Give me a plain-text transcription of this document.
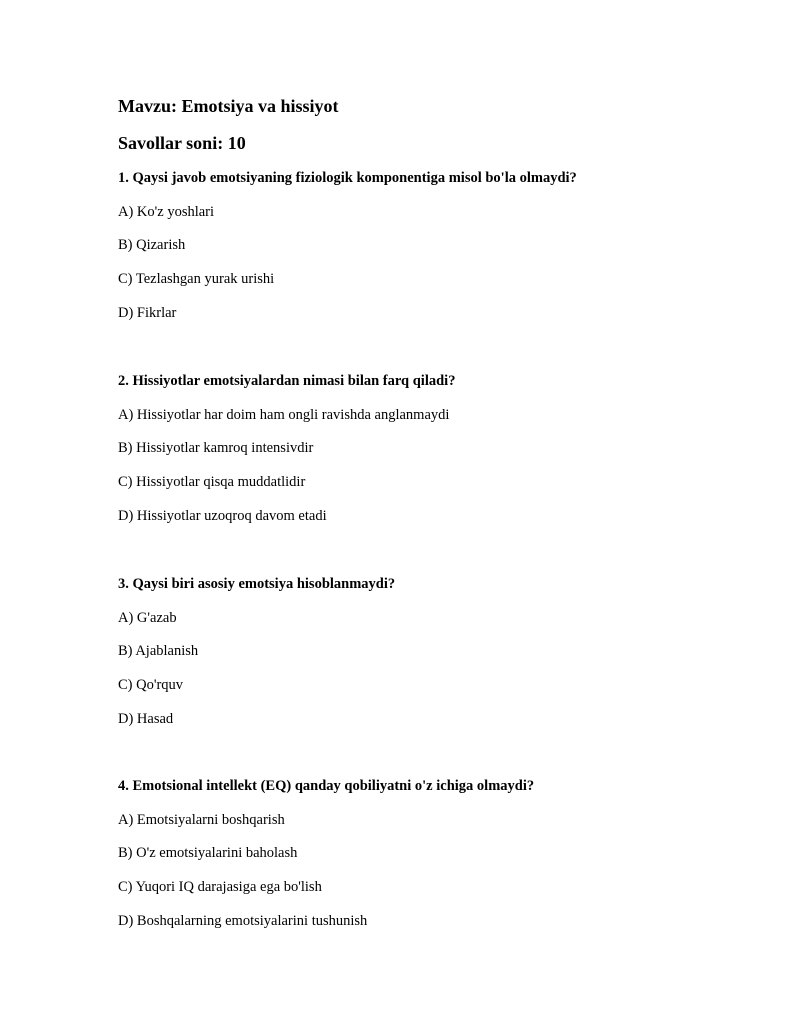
Mavzu: Emotsiya va hissiyot
Savollar soni: 10
1. Qaysi javob emotsiyaning fiziologik komponentiga misol bo'la olmaydi?
A) Ko'z yoshlari
B) Qizarish
C) Tezlashgan yurak urishi
D) Fikrlar
2. Hissiyotlar emotsiyalardan nimasi bilan farq qiladi?
A) Hissiyotlar har doim ham ongli ravishda anglanmaydi
B) Hissiyotlar kamroq intensivdir
C) Hissiyotlar qisqa muddatlidir
D) Hissiyotlar uzoqroq davom etadi
3. Qaysi biri asosiy emotsiya hisoblanmaydi?
A) G'azab
B) Ajablanish
C) Qo'rquv
D) Hasad
4. Emotsional intellekt (EQ) qanday qobiliyatni o'z ichiga olmaydi?
A) Emotsiyalarni boshqarish
B) O'z emotsiyalarini baholash
C) Yuqori IQ darajasiga ega bo'lish
D) Boshqalarning emotsiyalarini tushunish
